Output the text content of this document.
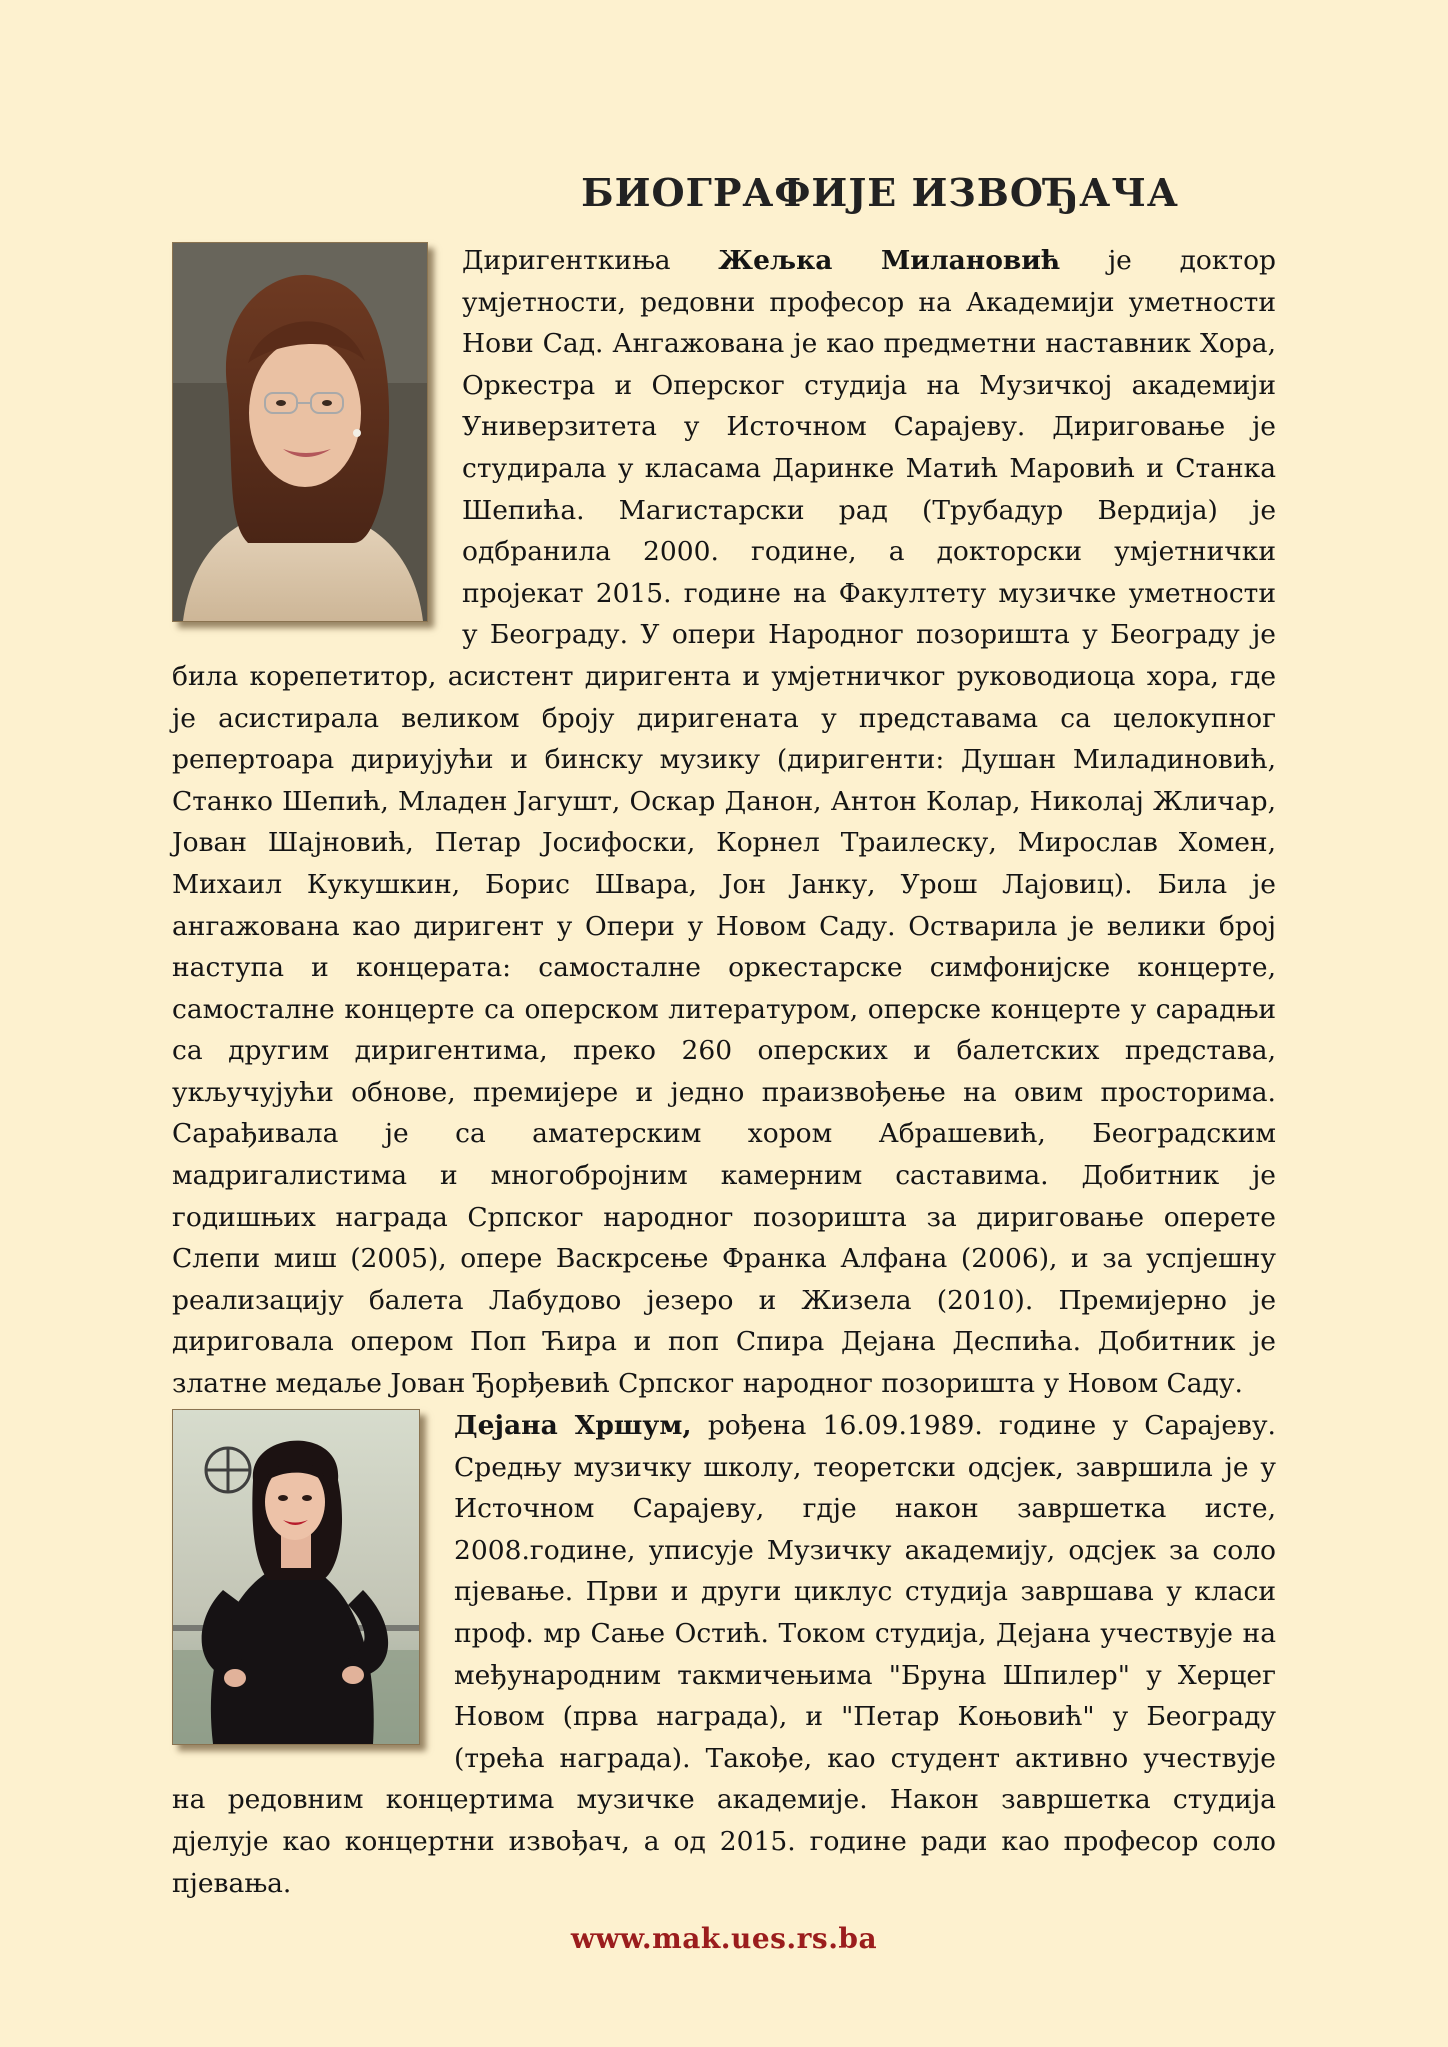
БИОГРАФИЈЕ ИЗВОЂАЧА
Диригенткиња Жељка Милановић је доктор умјетности, редовни професор на Академији уметности Нови Сад. Ангажована је као предметни наставник Хора, Оркестра и Оперског студија на Музичкој академији Универзитета у Источном Сарајеву. Дириговање је студирала у класама Даринке Матић Маровић и Станка Шепића. Магистарски рад (Трубадур Вердија) је одбранила 2000. године, а докторски умјетнички пројекат 2015. године на Факултету музичке уметности у Београду. У опери Народног позоришта у Београду је била корепетитор, асистент диригента и умјетничког руководиоца хора, где је асистирала великом броју диригената у представама са целокупног репертоара дириујући и бинску музику (диригенти: Душан Миладиновић, Станко Шепић, Младен Јагушт, Оскар Данон, Антон Колар, Николај Жличар, Јован Шајновић, Петар Јосифоски, Корнел Траилеску, Мирослав Хомен, Михаил Кукушкин, Борис Швара, Јон Јанку, Урош Лајовиц). Била је ангажована као диригент у Опери у Новом Саду. Остварила је велики број наступа и концерата: самосталне оркестарске симфонијске концерте, самосталне концерте са оперском литературом, оперске концерте у сарадњи са другим диригентима, преко 260 оперских и балетских представа, укључујући обнове, премијере и једно праизвођење на овим просторима. Сарађивала је са аматерским хором Абрашевић, Београдским мадригалистима и многобројним камерним саставима. Добитник је годишњих награда Српског народног позоришта за дириговање оперете Слепи миш (2005), опере Васкрсење Франка Алфана (2006), и за успјешну реализацију балета Лабудово језеро и Жизела (2010). Премијерно је диригoвала опером Поп Ћира и поп Спира Дејана Деспића. Добитник је златне медаље Јован Ђорђевић Српског народног позоришта у Новом Саду.
Дејана Хршум, рођена 16.09.1989. године у Сарајеву. Средњу музичку школу, теоретски одсјек, завршила је у Источном Сарајеву, гдје након завршетка исте, 2008.године, уписује Музичку академију, одсјек за соло пјевање. Први и други циклус студија завршава у класи проф. мр Сање Остић. Током студија, Дејана учествује на међународним такмичењима "Бруна Шпилер" у Херцег Новом (прва награда), и "Петар Коњовић" у Београду (трећа награда). Такође, као студент активно учествује на редовним концертима музичке академије. Након завршетка студија дјелује као концертни извођач, а од 2015. године ради као професор соло пјевања.
www.mak.ues.rs.ba
